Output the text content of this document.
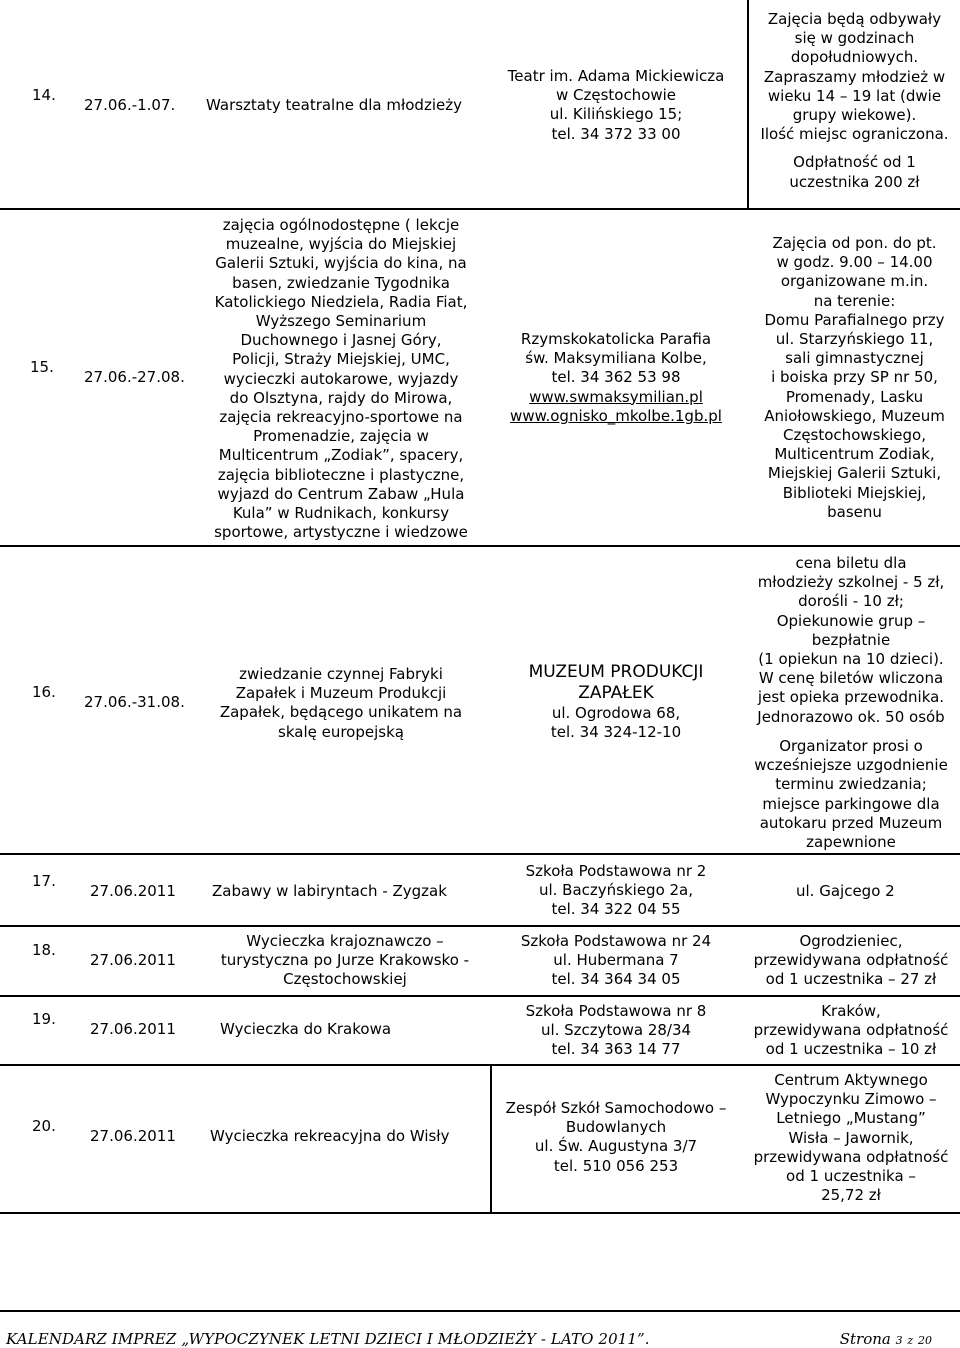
14.
27.06.-1.07. Warsztaty teatralne dla młodzieży
Teatr im. Adama Mickiewicza
w Częstochowie
ul. Kilińskiego 15;
tel. 34 372 33 00
Zajęcia będą odbywały
się w godzinach
dopołudniowych.
Zapraszamy młodzież w
wieku 14 – 19 lat (dwie
grupy wiekowe).
Ilość miejsc ograniczona.
Odpłatność od 1
uczestnika 200 zł
15.
27.06.-27.08.
zajęcia ogólnodostępne ( lekcje
muzealne, wyjścia do Miejskiej
Galerii Sztuki, wyjścia do kina, na
basen, zwiedzanie Tygodnika
Katolickiego Niedziela, Radia Fiat,
Wyższego Seminarium
Duchownego i Jasnej Góry,
Policji, Straży Miejskiej, UMC,
wycieczki autokarowe, wyjazdy
do Olsztyna, rajdy do Mirowa,
zajęcia rekreacyjno-sportowe na
Promenadzie, zajęcia w
Multicentrum „Zodiak”, spacery,
zajęcia biblioteczne i plastyczne,
wyjazd do Centrum Zabaw „Hula
Kula” w Rudnikach, konkursy
sportowe, artystyczne i wiedzowe
Rzymskokatolicka Parafia
św. Maksymiliana Kolbe,
tel. 34 362 53 98
www.swmaksymilian.pl
www.ognisko_mkolbe.1gb.pl
Zajęcia od pon. do pt.
w godz. 9.00 – 14.00
organizowane m.in.
na terenie:
Domu Parafialnego przy
ul. Starzyńskiego 11,
sali gimnastycznej
i boiska przy SP nr 50,
Promenady, Lasku
Aniołowskiego, Muzeum
Częstochowskiego,
Multicentrum Zodiak,
Miejskiej Galerii Sztuki,
Biblioteki Miejskiej,
basenu
16.
27.06.-31.08.
zwiedzanie czynnej Fabryki
Zapałek i Muzeum Produkcji
Zapałek, będącego unikatem na
skalę europejską
MUZEUM PRODUKCJI
ZAPAŁEK
ul. Ogrodowa 68,
tel. 34 324-12-10
cena biletu dla
młodzieży szkolnej - 5 zł,
dorośli - 10 zł;
Opiekunowie grup –
bezpłatnie
(1 opiekun na 10 dzieci).
W cenę biletów wliczona
jest opieka przewodnika.
Jednorazowo ok. 50 osób
Organizator prosi o
wcześniejsze uzgodnienie
terminu zwiedzania;
miejsce parkingowe dla
autokaru przed Muzeum
zapewnione
17.
27.06.2011 Zabawy w labiryntach - Zygzak
Szkoła Podstawowa nr 2
ul. Baczyńskiego 2a,
tel. 34 322 04 55
ul. Gajcego 2
18.
27.06.2011
Wycieczka krajoznawczo –
turystyczna po Jurze Krakowsko -
Częstochowskiej
Szkoła Podstawowa nr 24
ul. Hubermana 7
tel. 34 364 34 05
Ogrodzieniec,
przewidywana odpłatność
od 1 uczestnika – 27 zł
19.
27.06.2011	Wycieczka do Krakowa
Szkoła Podstawowa nr 8
ul. Szczytowa 28/34
tel. 34 363 14 77
Kraków,
przewidywana odpłatność
od 1 uczestnika – 10 zł
20.
27.06.2011 Wycieczka rekreacyjna do Wisły
Zespół Szkół Samochodowo –
Budowlanych
ul. Św. Augustyna 3/7
tel. 510 056 253
Centrum Aktywnego
Wypoczynku Zimowo –
Letniego „Mustang”
Wisła – Jawornik,
przewidywana odpłatność
od 1 uczestnika –
25,72 zł
KALENDARZ IMPREZ „WYPOCZYNEK LETNI DZIECI I MŁODZIEŻY - LATO 2011”.	Strona 3 z 20
